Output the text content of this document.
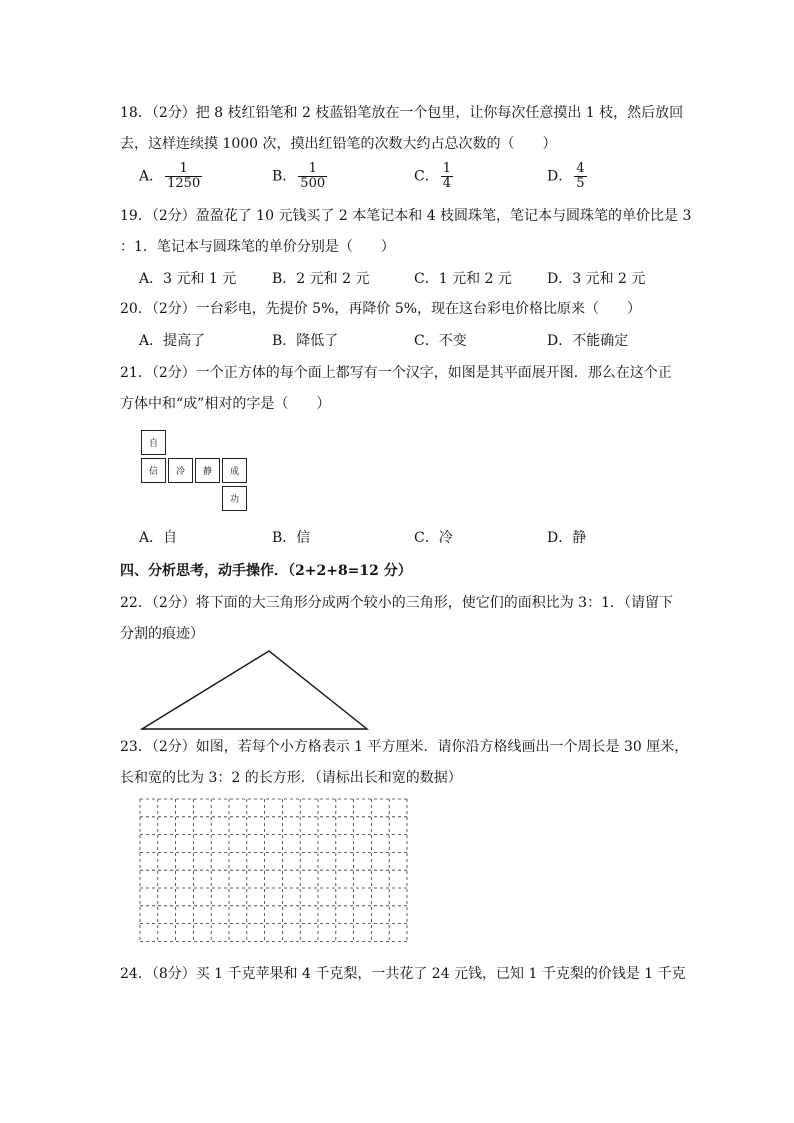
18．（2分）把 8 枝红铅笔和 2 枝蓝铅笔放在一个包里，让你每次任意摸出 1 枝，然后放回
去，这样连续摸 1000 次，摸出红铅笔的次数大约占总次数的（　　）
A． $\frac{1}{1250}$	B． $\frac{1}{500}$	C． $\frac{1}{4}$	D． $\frac{4}{5}$
19．（2分）盈盈花了 10 元钱买了 2 本笔记本和 4 枝圆珠笔，笔记本与圆珠笔的单价比是 3
：1．笔记本与圆珠笔的单价分别是（　　）
A．3 元和 1 元	B．2 元和 2 元	C．1 元和 2 元	D．3 元和 2 元
20．（2分）一台彩电，先提价 5%，再降价 5%，现在这台彩电价格比原来（　　）
A．提高了	B．降低了	C．不变	D．不能确定
21．（2分）一个正方体的每个面上都写有一个汉字，如图是其平面展开图．那么在这个正
方体中和“成”相对的字是（　　）
自
信	冷	静	成
功
A．自	B．信	C．冷	D．静
四、分析思考，动手操作．（2+2+8=12 分）
22．（2分）将下面的大三角形分成两个较小的三角形，使它们的面积比为 3：1．（请留下
分割的痕迹）
23．（2分）如图，若每个小方格表示 1 平方厘米．请你沿方格线画出一个周长是 30 厘米，
长和宽的比为 3：2 的长方形．（请标出长和宽的数据）
24．（8分）买 1 千克苹果和 4 千克梨，一共花了 24 元钱，已知 1 千克梨的价钱是 1 千克
